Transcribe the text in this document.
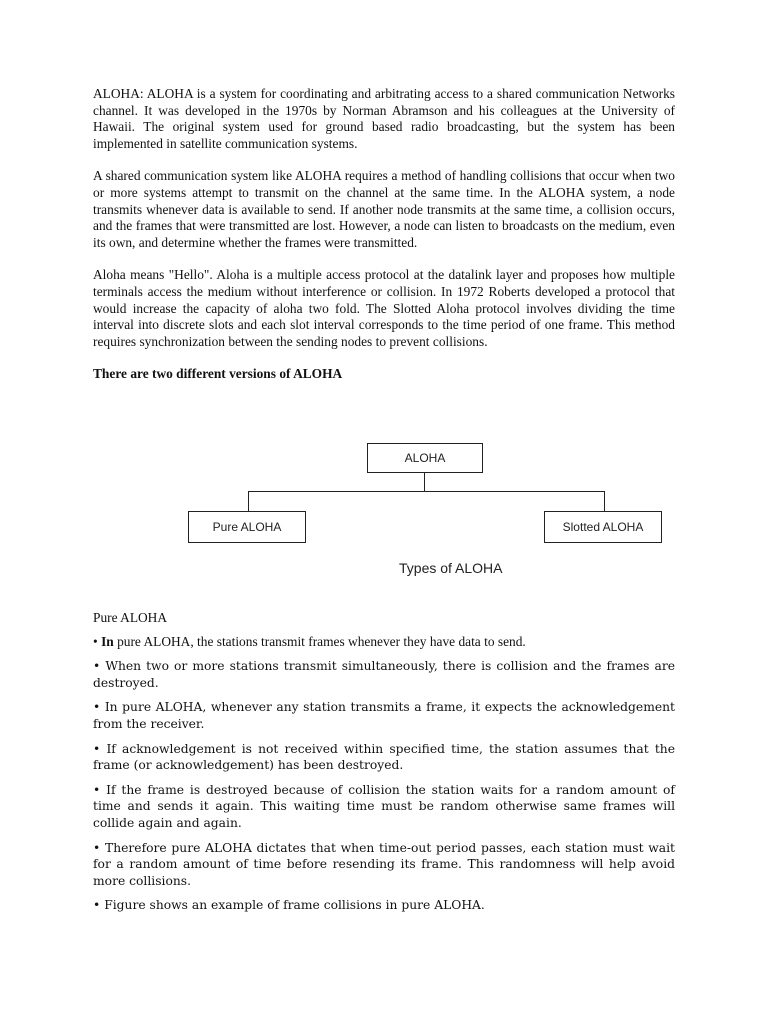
ALOHA: ALOHA is a system for coordinating and arbitrating access to a shared communication Networks channel. It was developed in the 1970s by Norman Abramson and his colleagues at the University of Hawaii. The original system used for ground based radio broadcasting, but the system has been implemented in satellite communication systems.

A shared communication system like ALOHA requires a method of handling collisions that occur when two or more systems attempt to transmit on the channel at the same time. In the ALOHA system, a node transmits whenever data is available to send. If another node transmits at the same time, a collision occurs, and the frames that were transmitted are lost. However, a node can listen to broadcasts on the medium, even its own, and determine whether the frames were transmitted.

Aloha means "Hello". Aloha is a multiple access protocol at the datalink layer and proposes how multiple terminals access the medium without interference or collision. In 1972 Roberts developed a protocol that would increase the capacity of aloha two fold. The Slotted Aloha protocol involves dividing the time interval into discrete slots and each slot interval corresponds to the time period of one frame. This method requires synchronization between the sending nodes to prevent collisions.

There are two different versions of ALOHA

ALOHA
Pure ALOHA	Slotted ALOHA
Types of ALOHA

Pure ALOHA

• In pure ALOHA, the stations transmit frames whenever they have data to send.

• When two or more stations transmit simultaneously, there is collision and the frames are destroyed.

• In pure ALOHA, whenever any station transmits a frame, it expects the acknowledgement from the receiver.

• If acknowledgement is not received within specified time, the station assumes that the frame (or acknowledgement) has been destroyed.

• If the frame is destroyed because of collision the station waits for a random amount of time and sends it again. This waiting time must be random otherwise same frames will collide again and again.

• Therefore pure ALOHA dictates that when time-out period passes, each station must wait for a random amount of time before resending its frame. This randomness will help avoid more collisions.

• Figure shows an example of frame collisions in pure ALOHA.
